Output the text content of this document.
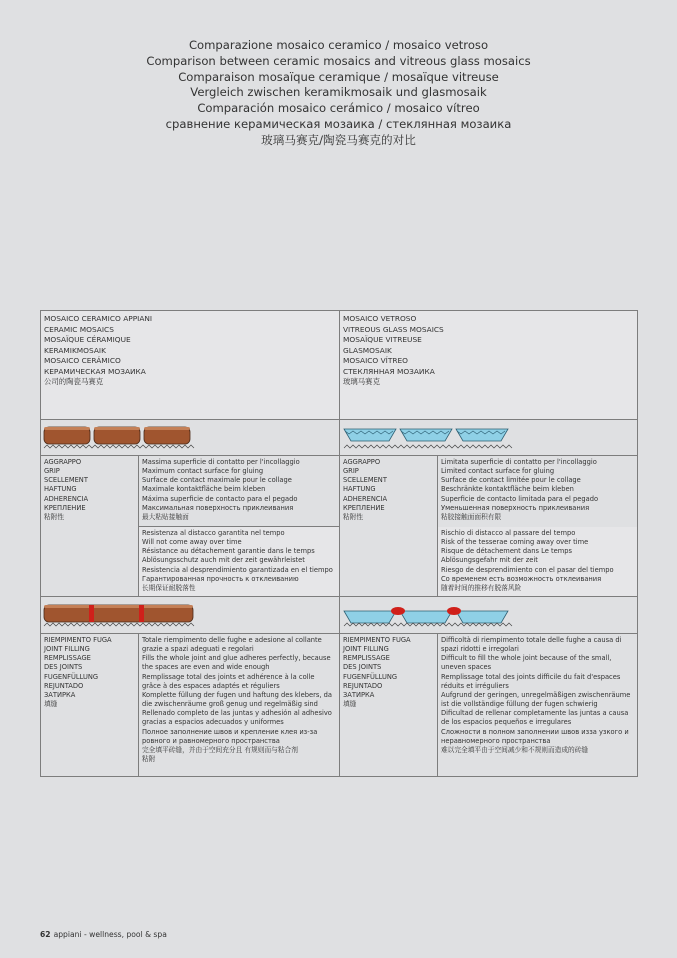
Comparazione mosaico ceramico / mosaico vetroso
Comparison between ceramic mosaics and vitreous glass mosaics
Comparaison mosaïque ceramique / mosaïque vitreuse
Vergleich zwischen keramikmosaik und glasmosaik
Comparación mosaico cerámico / mosaico vítreo
сравнение керамическая мозаика / стеклянная мозаика
玻璃马赛克/陶瓷马赛克的对比
MOSAICO CERAMICO APPIANI
CERAMIC MOSAICS
MOSAÏQUE CÉRAMIQUE
KERAMIKMOSAIK
MOSAICO CERÁMICO
КЕРАМИЧЕСКАЯ МОЗАИКА
公司的陶瓷马赛克
MOSAICO VETROSO
VITREOUS GLASS MOSAICS
MOSAÏQUE VITREUSE
GLASMOSAIK
MOSAICO VÍTREO
СТЕКЛЯННАЯ МОЗАИКА
玻璃马赛克
AGGRAPPO
GRIP
SCELLEMENT
HAFTUNG
ADHERENCIA
КРЕПЛЕНИЕ
粘附性
Massima superficie di contatto per l'incollaggio
Maximum contact surface for gluing
Surface de contact maximale pour le collage
Maximale kontaktfläche beim kleben
Máxima superficie de contacto para el pegado
Максимальная поверхность приклеивания
最大粘贴接触面
Resistenza al distacco garantita nel tempo
Will not come away over time
Résistance au détachement garantie dans le temps
Ablösungsschutz auch mit der zeit gewährleistet
Resistencia al desprendimiento garantizada en el tiempo
Гарантированная прочность к отклеиванию
长期保证耐脱落性
AGGRAPPO
GRIP
SCELLEMENT
HAFTUNG
ADHERENCIA
КРЕПЛЕНИЕ
粘附性
Limitata superficie di contatto per l'incollaggio
Limited contact surface for gluing
Surface de contact limitée pour le collage
Beschränkte kontaktfläche beim kleben
Superficie de contacto limitada para el pegado
Уменьшенная поверхность приклеивания
粘胶接触面面积有限
Rischio di distacco al passare del tempo
Risk of the tesserae coming away over time
Risque de détachement dans Le temps
Ablösungsgefahr mit der zeit
Riesgo de desprendimiento con el pasar del tiempo
Со временем есть возможность отклеивания
随着时间的推移有脱落风险
RIEMPIMENTO FUGA
JOINT FILLING
REMPLISSAGE
DES JOINTS
FUGENFÜLLUNG
REJUNTADO
ЗАТИРКА
填缝
Totale riempimento delle fughe e adesione al collante
grazie a spazi adeguati e regolari
Fills the whole joint and glue adheres perfectly, because
the spaces are even and wide enough
Remplissage total des joints et adhérence à la colle
grâce à des espaces adaptés et réguliers
Komplette füllung der fugen und haftung des klebers, da
die zwischenräume groß genug und regelmäßig sind
Rellenado completo de las juntas y adhesión al adhesivo
gracias a espacios adecuados y uniformes
Полное заполнение швов и крепление клея из-за
ровного и равномерного пространства
完全填平砖缝，并由于空间充分且 有规则而与粘合剂
粘附
RIEMPIMENTO FUGA
JOINT FILLING
REMPLISSAGE
DES JOINTS
FUGENFÜLLUNG
REJUNTADO
ЗАТИРКА
填缝
Difficoltà di riempimento totale delle fughe a causa di
spazi ridotti e irregolari
Difficult to fill the whole joint because of the small,
uneven spaces
Remplissage total des joints difficile du fait d'espaces
réduits et irréguliers
Aufgrund der geringen, unregelmäßigen zwischenräume
ist die vollständige füllung der fugen schwierig
Dificultad de rellenar completamente las juntas a causa
de los espacios pequeños e irregulares
Сложности в полном заполнении швов изза узкого и
неравномерного пространства
难以完全填平由于空间减少和不规则而造成的砖缝
62 appiani - wellness, pool & spa
